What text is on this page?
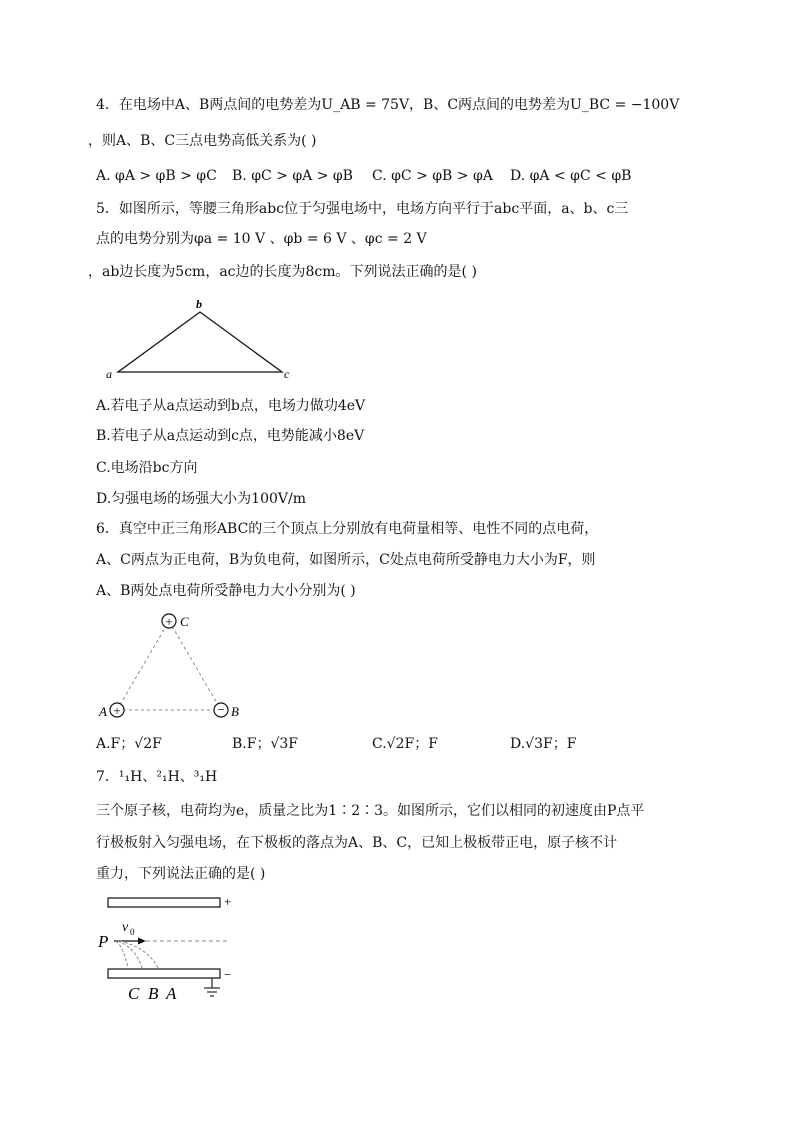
4．在电场中A、B两点间的电势差为U_AB = 75V，B、C两点间的电势差为U_BC = −100V
，则A、B、C三点电势高低关系为( )
A. φA > φB > φC B. φC > φA > φB C. φC > φB > φA D. φA < φC < φB
5．如图所示，等腰三角形abc位于匀强电场中，电场方向平行于abc平面，a、b、c三
点的电势分别为φa = 10 V 、φb = 6 V 、φc = 2 V
，ab边长度为5cm，ac边的长度为8cm。下列说法正确的是( )
a
b
c
A.若电子从a点运动到b点，电场力做功4eV
B.若电子从a点运动到c点，电势能减小8eV
C.电场沿bc方向
D.匀强电场的场强大小为100V/m
6．真空中正三角形ABC的三个顶点上分别放有电荷量相等、电性不同的点电荷，
A、C两点为正电荷，B为负电荷，如图所示，C处点电荷所受静电力大小为F，则
A、B两处点电荷所受静电力大小分别为( )
+ C
+
A	− B
A.F；√2F	B.F；√3F	C.√2F；F	D.√3F；F
7．¹₁H、²₁H、³₁H
三个原子核，电荷均为e，质量之比为1∶2∶3。如图所示，它们以相同的初速度由P点平
行极板射入匀强电场，在下极板的落点为A、B、C，已知上极板带正电，原子核不计
重力，下列说法正确的是( )
+
P
v 0
−
C B A
